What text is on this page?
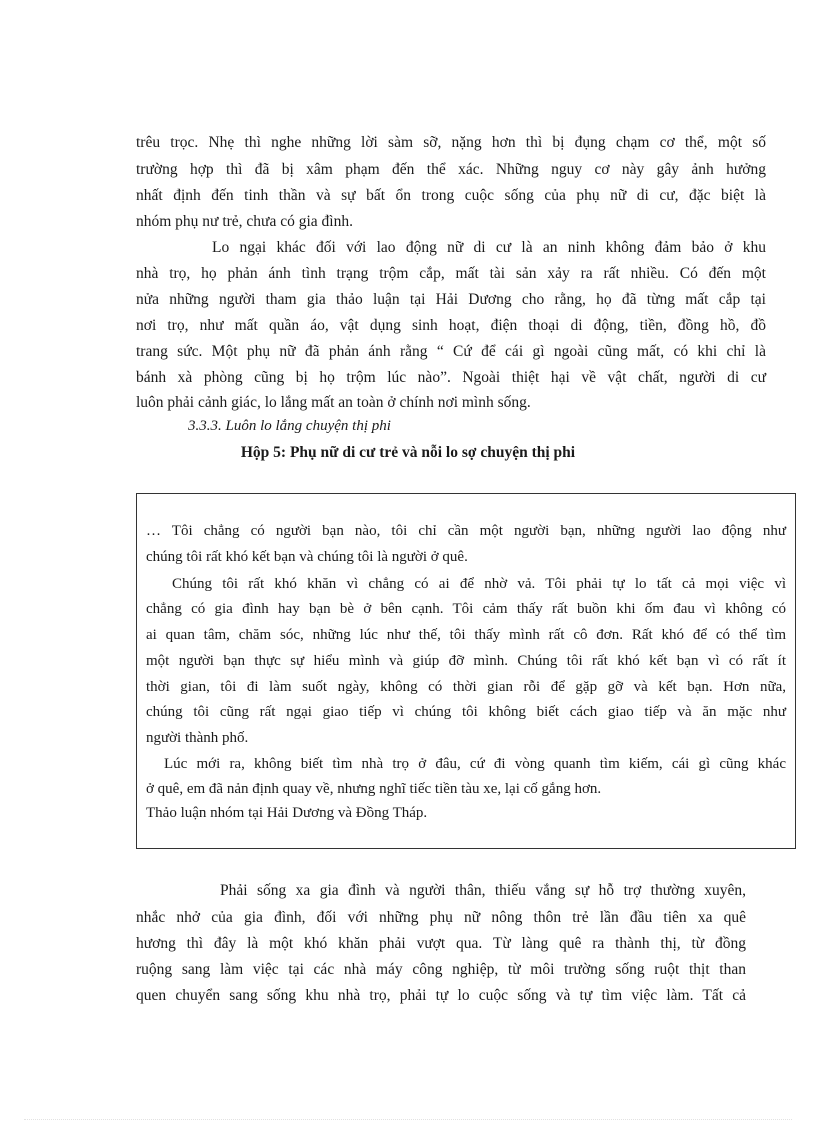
trêu trọc. Nhẹ thì nghe những lời sàm sỡ, nặng hơn thì bị đụng chạm cơ thể, một số
trường hợp thì đã bị xâm phạm đến thể xác. Những nguy cơ này gây ảnh hưởng
nhất định đến tinh thần và sự bất ổn trong cuộc sống của phụ nữ di cư, đặc biệt là
nhóm phụ nư trẻ, chưa có gia đình.
Lo ngại khác đối với lao động nữ di cư là an ninh không đảm bảo ở khu
nhà trọ, họ phản ánh tình trạng trộm cắp, mất tài sản xảy ra rất nhiều. Có đến một
nửa những người tham gia thảo luận tại Hải Dương cho rằng, họ đã từng mất cắp tại
nơi trọ, như mất quần áo, vật dụng sinh hoạt, điện thoại di động, tiền, đồng hồ, đồ
trang sức. Một phụ nữ đã phản ánh rằng “ Cứ để cái gì ngoài cũng mất, có khi chỉ là
bánh xà phòng cũng bị họ trộm lúc nào”. Ngoài thiệt hại về vật chất, người di cư
luôn phải cảnh giác, lo lắng mất an toàn ở chính nơi mình sống.
3.3.3. Luôn lo lắng chuyện thị phi
Hộp 5: Phụ nữ di cư trẻ và nỗi lo sợ chuyện thị phi
… Tôi chẳng có người bạn nào, tôi chỉ cần một người bạn, những người lao động như
chúng tôi rất khó kết bạn và chúng tôi là người ở quê.
Chúng tôi rất khó khăn vì chẳng có ai để nhờ vả. Tôi phải tự lo tất cả mọi việc vì
chẳng có gia đình hay bạn bè ở bên cạnh. Tôi cảm thấy rất buồn khi ốm đau vì không có
ai quan tâm, chăm sóc, những lúc như thế, tôi thấy mình rất cô đơn. Rất khó để có thể tìm
một người bạn thực sự hiểu mình và giúp đỡ mình. Chúng tôi rất khó kết bạn vì có rất ít
thời gian, tôi đi làm suốt ngày, không có thời gian rỗi để gặp gỡ và kết bạn. Hơn nữa,
chúng tôi cũng rất ngại giao tiếp vì chúng tôi không biết cách giao tiếp và ăn mặc như
người thành phố.
Lúc mới ra, không biết tìm nhà trọ ở đâu, cứ đi vòng quanh tìm kiếm, cái gì cũng khác
ở quê, em đã nản định quay về, nhưng nghĩ tiếc tiền tàu xe, lại cố gắng hơn.
Thảo luận nhóm tại Hải Dương và Đồng Tháp.
Phải sống xa gia đình và người thân, thiếu vắng sự hỗ trợ thường xuyên,
nhắc nhở của gia đình, đối với những phụ nữ nông thôn trẻ lần đầu tiên xa quê
hương thì đây là một khó khăn phải vượt qua. Từ làng quê ra thành thị, từ đồng
ruộng sang làm việc tại các nhà máy công nghiệp, từ môi trường sống ruột thịt than
quen chuyển sang sống khu nhà trọ, phải tự lo cuộc sống và tự tìm việc làm. Tất cả
